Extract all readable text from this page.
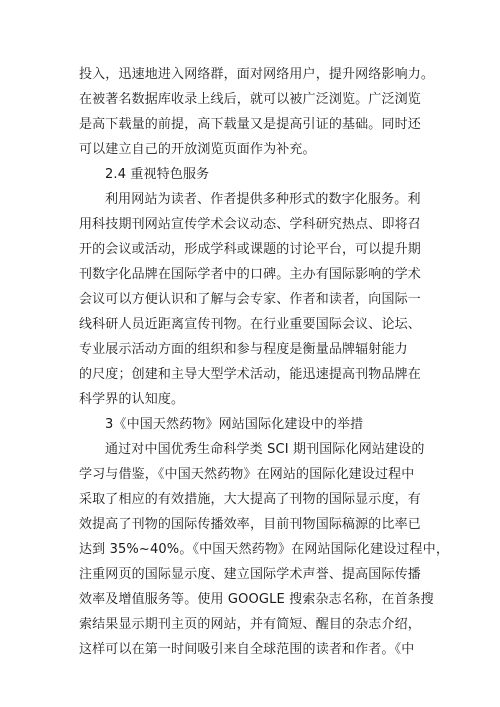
投入，迅速地进入网络群，面对网络用户，提升网络影响力。
在被著名数据库收录上线后，就可以被广泛浏览。广泛浏览
是高下载量的前提，高下载量又是提高引证的基础。同时还
可以建立自己的开放浏览页面作为补充。
2.4 重视特色服务
利用网站为读者、作者提供多种形式的数字化服务。利
用科技期刊网站宣传学术会议动态、学科研究热点、即将召
开的会议或活动，形成学科或课题的讨论平台，可以提升期
刊数字化品牌在国际学者中的口碑。主办有国际影响的学术
会议可以方便认识和了解与会专家、作者和读者，向国际一
线科研人员近距离宣传刊物。在行业重要国际会议、论坛、
专业展示活动方面的组织和参与程度是衡量品牌辐射能力
的尺度；创建和主导大型学术活动，能迅速提高刊物品牌在
科学界的认知度。
3《中国天然药物》网站国际化建设中的举措
通过对中国优秀生命科学类 SCI 期刊国际化网站建设的
学习与借鉴，《中国天然药物》在网站的国际化建设过程中
采取了相应的有效措施，大大提高了刊物的国际显示度，有
效提高了刊物的国际传播效率，目前刊物国际稿源的比率已
达到 35%~40%。《中国天然药物》在网站国际化建设过程中，
注重网页的国际显示度、建立国际学术声誉、提高国际传播
效率及增值服务等。使用 GOOGLE 搜索杂志名称，在首条搜
索结果显示期刊主页的网站，并有简短、醒目的杂志介绍，
这样可以在第一时间吸引来自全球范围的读者和作者。《中
